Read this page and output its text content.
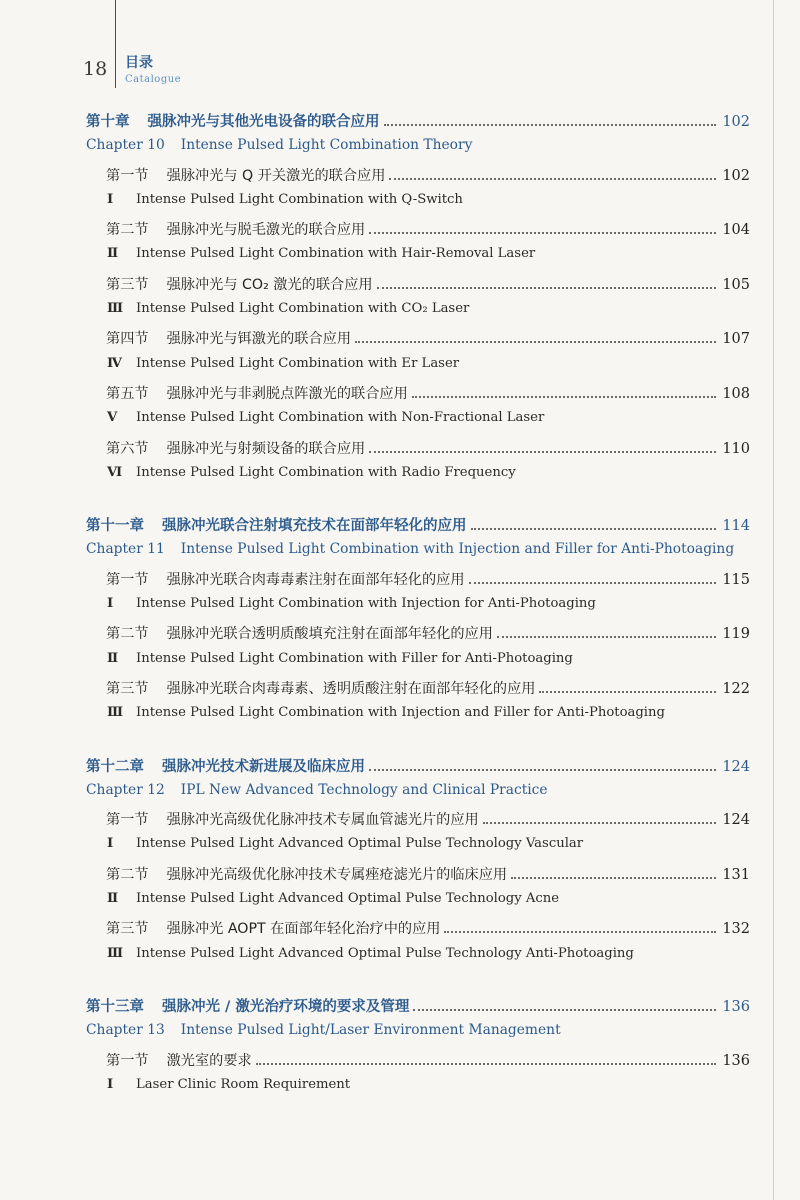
18 目录
Catalogue
第十章 强脉冲光与其他光电设备的联合应用	102
Chapter 10 Intense Pulsed Light Combination Theory
第一节 强脉冲光与 Q 开关激光的联合应用	102
Ⅰ	Intense Pulsed Light Combination with Q-Switch
第二节 强脉冲光与脱毛激光的联合应用	104
Ⅱ	Intense Pulsed Light Combination with Hair-Removal Laser
第三节 强脉冲光与 CO₂ 激光的联合应用	105
Ⅲ Intense Pulsed Light Combination with CO₂ Laser
第四节 强脉冲光与铒激光的联合应用	107
Ⅳ	Intense Pulsed Light Combination with Er Laser
第五节 强脉冲光与非剥脱点阵激光的联合应用	108
Ⅴ	Intense Pulsed Light Combination with Non-Fractional Laser
第六节 强脉冲光与射频设备的联合应用	110
Ⅵ	Intense Pulsed Light Combination with Radio Frequency
第十一章 强脉冲光联合注射填充技术在面部年轻化的应用	114
Chapter 11 Intense Pulsed Light Combination with Injection and Filler for Anti-Photoaging
第一节 强脉冲光联合肉毒毒素注射在面部年轻化的应用	115
Ⅰ	Intense Pulsed Light Combination with Injection for Anti-Photoaging
第二节 强脉冲光联合透明质酸填充注射在面部年轻化的应用	119
Ⅱ	Intense Pulsed Light Combination with Filler for Anti-Photoaging
第三节 强脉冲光联合肉毒毒素、透明质酸注射在面部年轻化的应用	122
Ⅲ Intense Pulsed Light Combination with Injection and Filler for Anti-Photoaging
第十二章 强脉冲光技术新进展及临床应用	124
Chapter 12 IPL New Advanced Technology and Clinical Practice
第一节 强脉冲光高级优化脉冲技术专属血管滤光片的应用	124
Ⅰ	Intense Pulsed Light Advanced Optimal Pulse Technology Vascular
第二节 强脉冲光高级优化脉冲技术专属痤疮滤光片的临床应用	131
Ⅱ	Intense Pulsed Light Advanced Optimal Pulse Technology Acne
第三节 强脉冲光 AOPT 在面部年轻化治疗中的应用	132
Ⅲ Intense Pulsed Light Advanced Optimal Pulse Technology Anti-Photoaging
第十三章 强脉冲光 / 激光治疗环境的要求及管理	136
Chapter 13 Intense Pulsed Light/Laser Environment Management
第一节 激光室的要求	136
Ⅰ	Laser Clinic Room Requirement
